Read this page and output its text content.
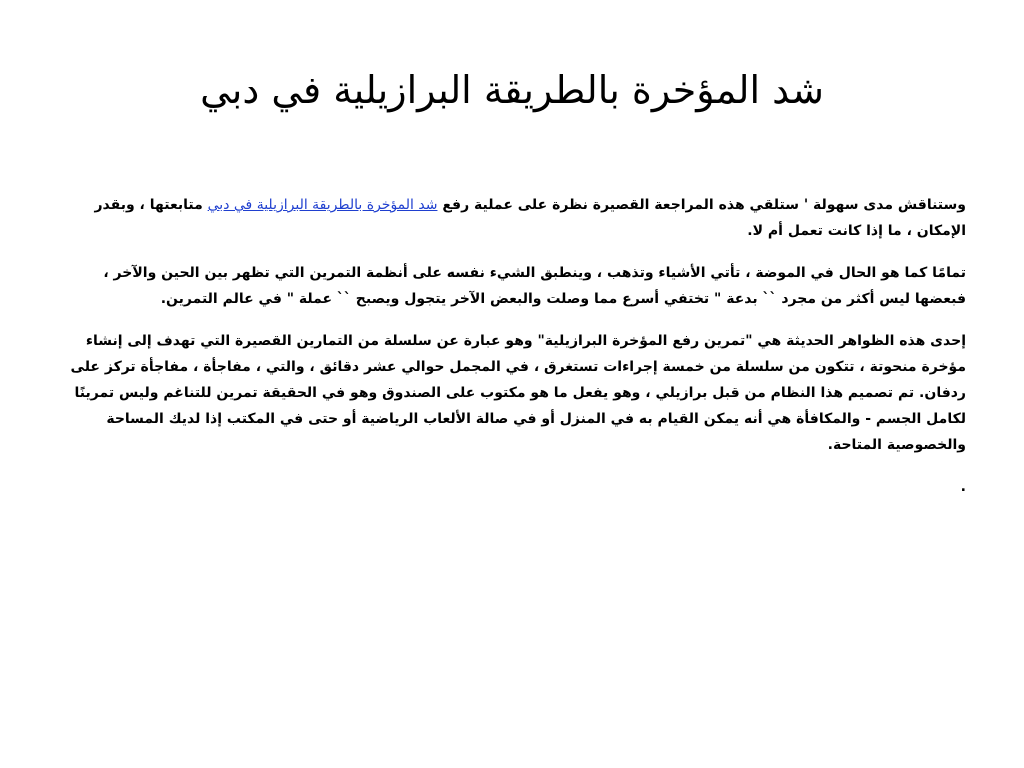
شد المؤخرة بالطريقة البرازيلية في دبي

وستناقش مدى سهولة ' ستلقي هذه المراجعة القصيرة نظرة على عملية رفع شد المؤخرة بالطريقة البرازيلية في دبي متابعتها ، وبقدر الإمكان ، ما إذا كانت تعمل أم لا.

تمامًا كما هو الحال في الموضة ، تأتي الأشياء وتذهب ، وينطبق الشيء نفسه على أنظمة التمرين التي تظهر بين الحين والآخر ، فبعضها ليس أكثر من مجرد `` بدعة " تختفي أسرع مما وصلت والبعض الآخر يتجول ويصبح `` عملة " في عالم التمرين.

إحدى هذه الظواهر الحديثة هي "تمرين رفع المؤخرة البرازيلية" وهو عبارة عن سلسلة من التمارين القصيرة التي تهدف إلى إنشاء مؤخرة منحوتة ، تتكون من سلسلة من خمسة إجراءات تستغرق ، في المجمل حوالي عشر دقائق ، والتي ، مفاجأة ، مفاجأة تركز على ردفان. تم تصميم هذا النظام من قبل برازيلي ، وهو يفعل ما هو مكتوب على الصندوق وهو في الحقيقة تمرين للتناغم وليس تمرينًا لكامل الجسم - والمكافأة هي أنه يمكن القيام به في المنزل أو في صالة الألعاب الرياضية أو حتى في المكتب إذا لديك المساحة والخصوصية المتاحة.

.
